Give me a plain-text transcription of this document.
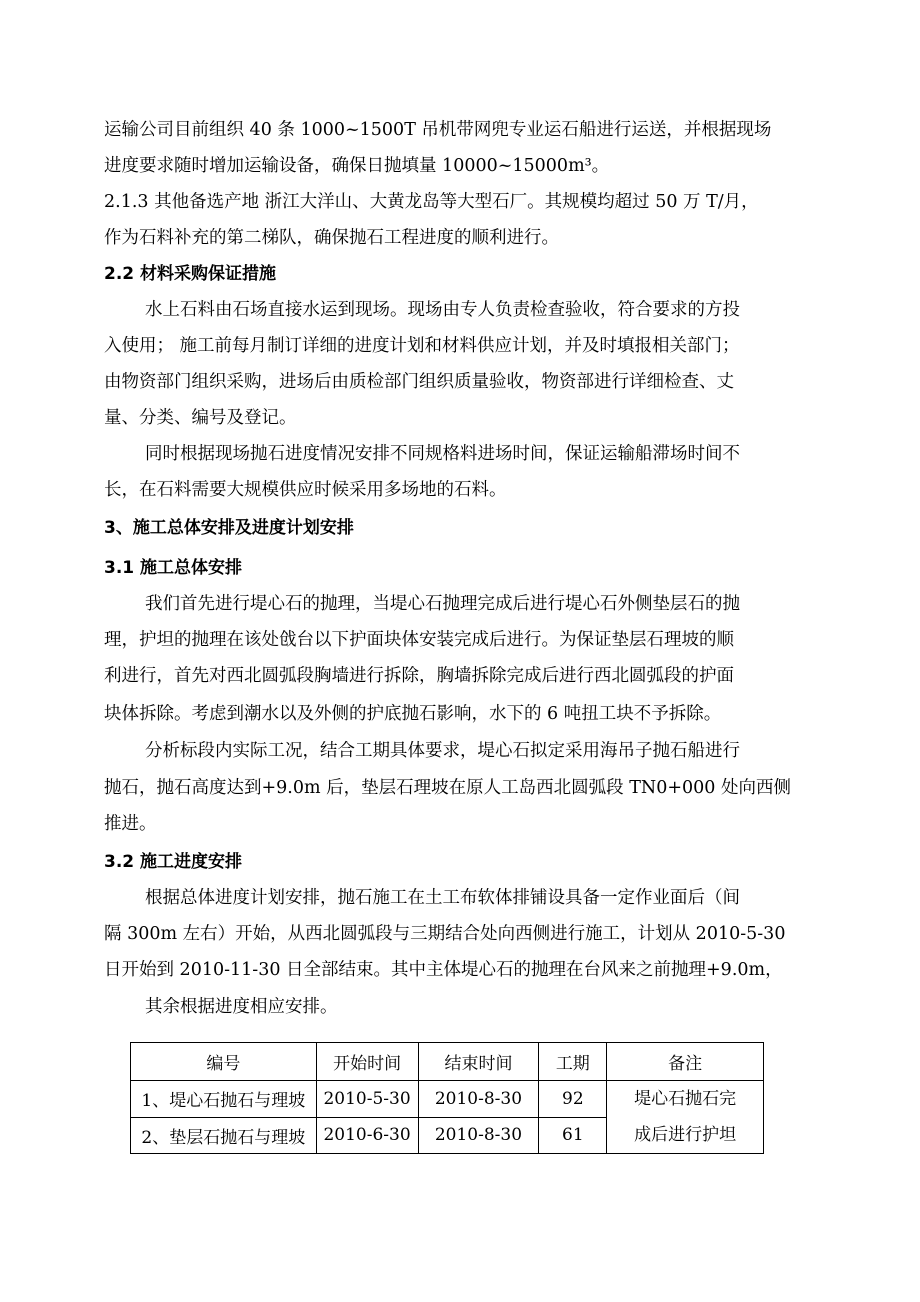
运输公司目前组织 40 条 1000~1500T 吊机带网兜专业运石船进行运送，并根据现场
进度要求随时增加运输设备，确保日抛填量 10000~15000m³。
2.1.3 其他备选产地 浙江大洋山、大黄龙岛等大型石厂。其规模均超过 50 万 T/月，
作为石料补充的第二梯队，确保抛石工程进度的顺利进行。
2.2 材料采购保证措施
水上石料由石场直接水运到现场。现场由专人负责检查验收，符合要求的方投
入使用； 施工前每月制订详细的进度计划和材料供应计划，并及时填报相关部门；
由物资部门组织采购，进场后由质检部门组织质量验收，物资部进行详细检查、丈
量、分类、编号及登记。
同时根据现场抛石进度情况安排不同规格料进场时间，保证运输船滞场时间不
长，在石料需要大规模供应时候采用多场地的石料。
3、施工总体安排及进度计划安排
3.1 施工总体安排
我们首先进行堤心石的抛理，当堤心石抛理完成后进行堤心石外侧垫层石的抛
理，护坦的抛理在该处戗台以下护面块体安装完成后进行。为保证垫层石理坡的顺
利进行，首先对西北圆弧段胸墙进行拆除，胸墙拆除完成后进行西北圆弧段的护面
块体拆除。考虑到潮水以及外侧的护底抛石影响，水下的 6 吨扭工块不予拆除。
分析标段内实际工况，结合工期具体要求，堤心石拟定采用海吊子抛石船进行
抛石，抛石高度达到+9.0m 后，垫层石理坡在原人工岛西北圆弧段 TN0+000 处向西侧
推进。
3.2 施工进度安排
根据总体进度计划安排，抛石施工在土工布软体排铺设具备一定作业面后（间
隔 300m 左右）开始，从西北圆弧段与三期结合处向西侧进行施工，计划从 2010-5-30
日开始到 2010-11-30 日全部结束。其中主体堤心石的抛理在台风来之前抛理+9.0m，
其余根据进度相应安排。
编号	开始时间	结束时间	工期	备注
1、堤心石抛石与理坡	2010-5-30	2010-8-30	92	堤心石抛石完
成后进行护坦

2、垫层石抛石与理坡	2010-6-30	2010-8-30	61	
